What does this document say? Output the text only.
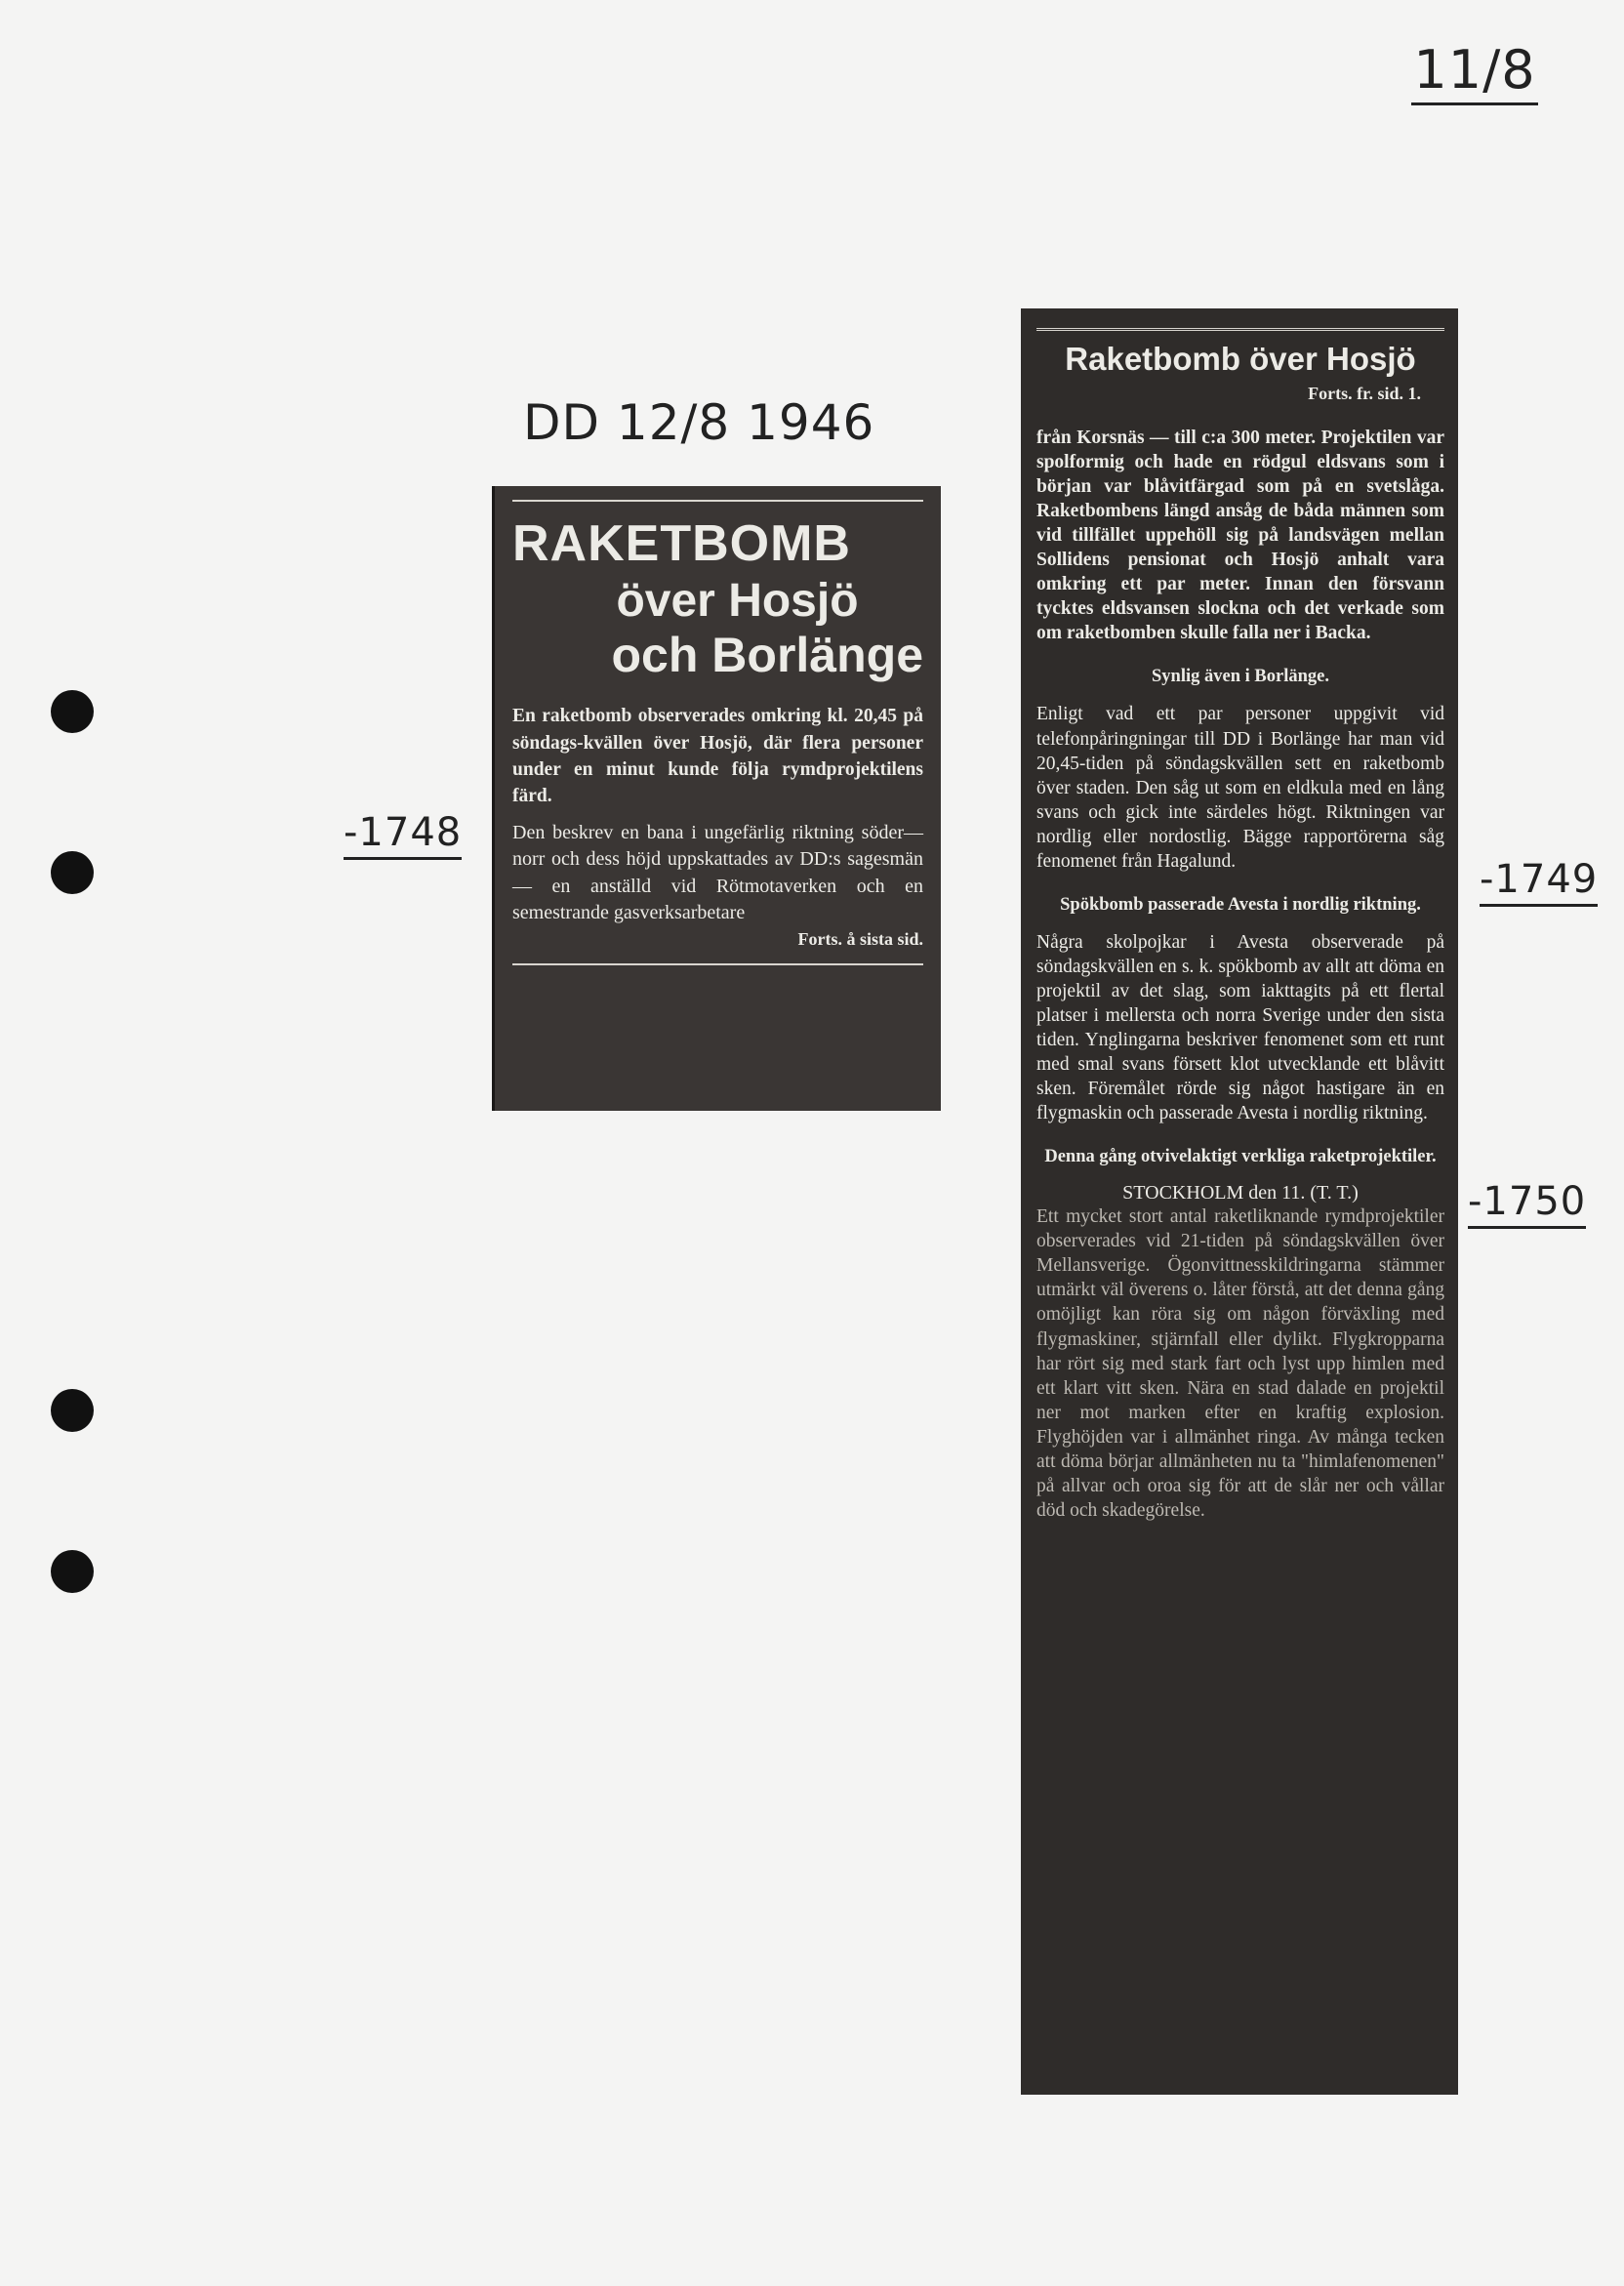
11/8
DD 12/8 1946
-1748
-1749
-1750
RAKETBOMB
över Hosjö
och Borlänge

En raketbomb observerades omkring kl. 20,45 på söndags-kvällen över Hosjö, där flera personer under en minut kunde följa rymdprojektilens färd.

Den beskrev en bana i ungefärlig riktning söder—norr och dess höjd uppskattades av DD:s sagesmän — en anställd vid Rötmotaverken och en semestrande gasverksarbetare

Forts. å sista sid.
Raketbomb över Hosjö
Forts. fr. sid. 1.

från Korsnäs — till c:a 300 meter. Projektilen var spolformig och hade en rödgul eldsvans som i början var blåvitfärgad som på en svetslåga. Raketbombens längd ansåg de båda männen som vid tillfället uppehöll sig på landsvägen mellan Sollidens pensionat och Hosjö anhalt vara omkring ett par meter. Innan den försvann tycktes eldsvansen slockna och det verkade som om raketbomben skulle falla ner i Backa.

Synlig även i Borlänge.

Enligt vad ett par personer uppgivit vid telefonpåringningar till DD i Borlänge har man vid 20,45-tiden på söndagskvällen sett en raketbomb över staden. Den såg ut som en eldkula med en lång svans och gick inte särdeles högt. Riktningen var nordlig eller nordostlig. Bägge rapportörerna såg fenomenet från Hagalund.

Spökbomb passerade Avesta i nordlig riktning.

Några skolpojkar i Avesta observerade på söndagskvällen en s. k. spökbomb av allt att döma en projektil av det slag, som iakttagits på ett flertal platser i mellersta och norra Sverige under den sista tiden. Ynglingarna beskriver fenomenet som ett runt med smal svans försett klot utvecklande ett blåvitt sken. Föremålet rörde sig något hastigare än en flygmaskin och passerade Avesta i nordlig riktning.

Denna gång otvivelaktigt verkliga raketprojektiler.
STOCKHOLM den 11. (T. T.)

Ett mycket stort antal raketliknande rymdprojektiler observerades vid 21-tiden på söndagskvällen över Mellansverige. Ögonvittnesskildringarna stämmer utmärkt väl överens o. låter förstå, att det denna gång omöjligt kan röra sig om någon förväxling med flygmaskiner, stjärnfall eller dylikt. Flygkropparna har rört sig med stark fart och lyst upp himlen med ett klart vitt sken. Nära en stad dalade en projektil ner mot marken efter en kraftig explosion. Flyghöjden var i allmänhet ringa. Av många tecken att döma börjar allmänheten nu ta "himlafenomenen" på allvar och oroa sig för att de slår ner och vållar död och skadegörelse.
